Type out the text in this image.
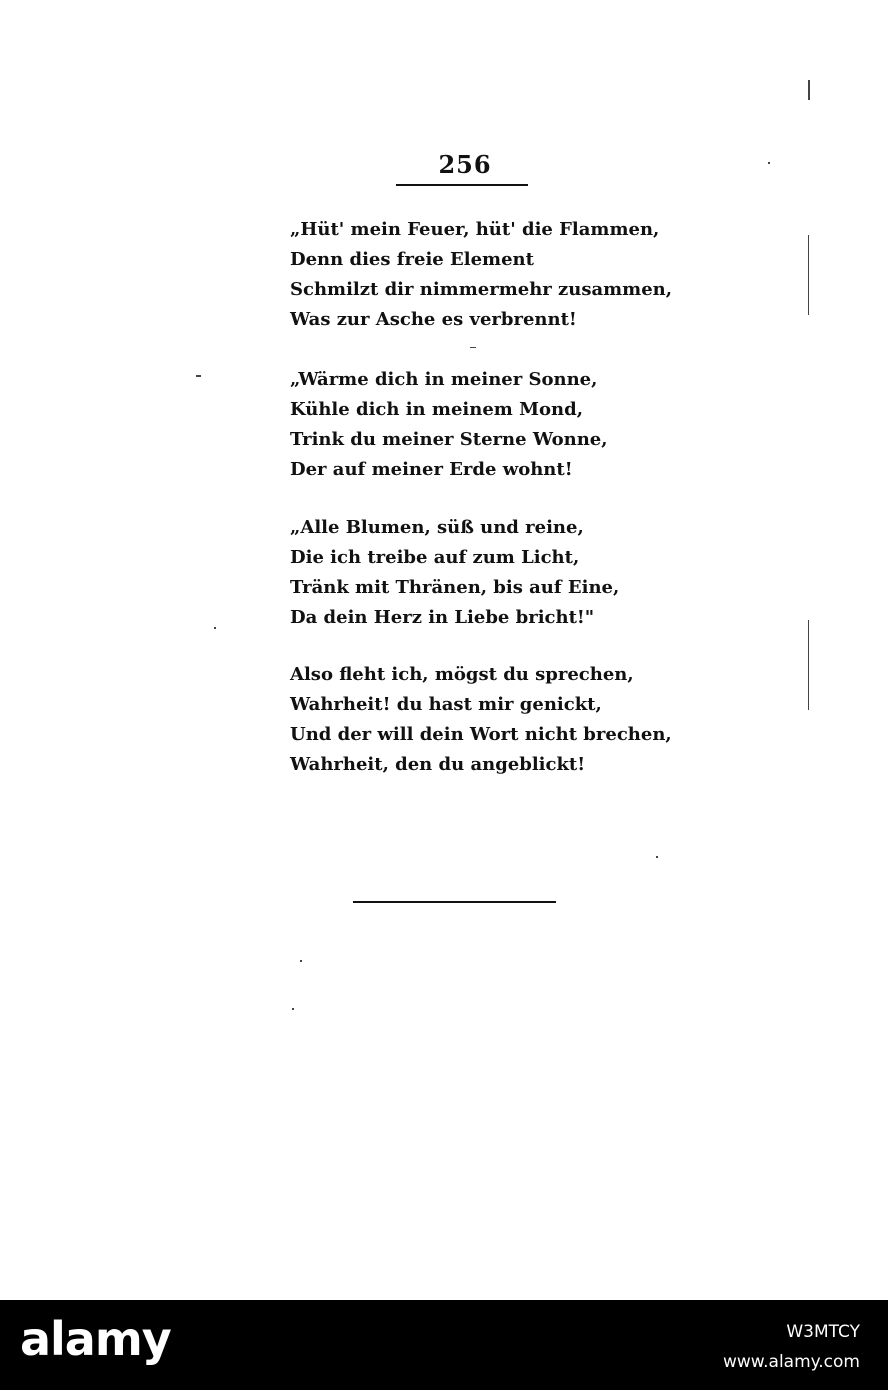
256
„Hüt' mein Feuer, hüt' die Flammen,
Denn dies freie Element
Schmilzt dir nimmermehr zusammen,
Was zur Asche es verbrennt!
„Wärme dich in meiner Sonne,
Kühle dich in meinem Mond,
Trink du meiner Sterne Wonne,
Der auf meiner Erde wohnt!
„Alle Blumen, süß und reine,
Die ich treibe auf zum Licht,
Tränk mit Thränen, bis auf Eine,
Da dein Herz in Liebe bricht!"
Also fleht ich, mögst du sprechen,
Wahrheit! du hast mir genickt,
Und der will dein Wort nicht brechen,
Wahrheit, den du angeblickt!
alamy	W3MTCY
www.alamy.com
